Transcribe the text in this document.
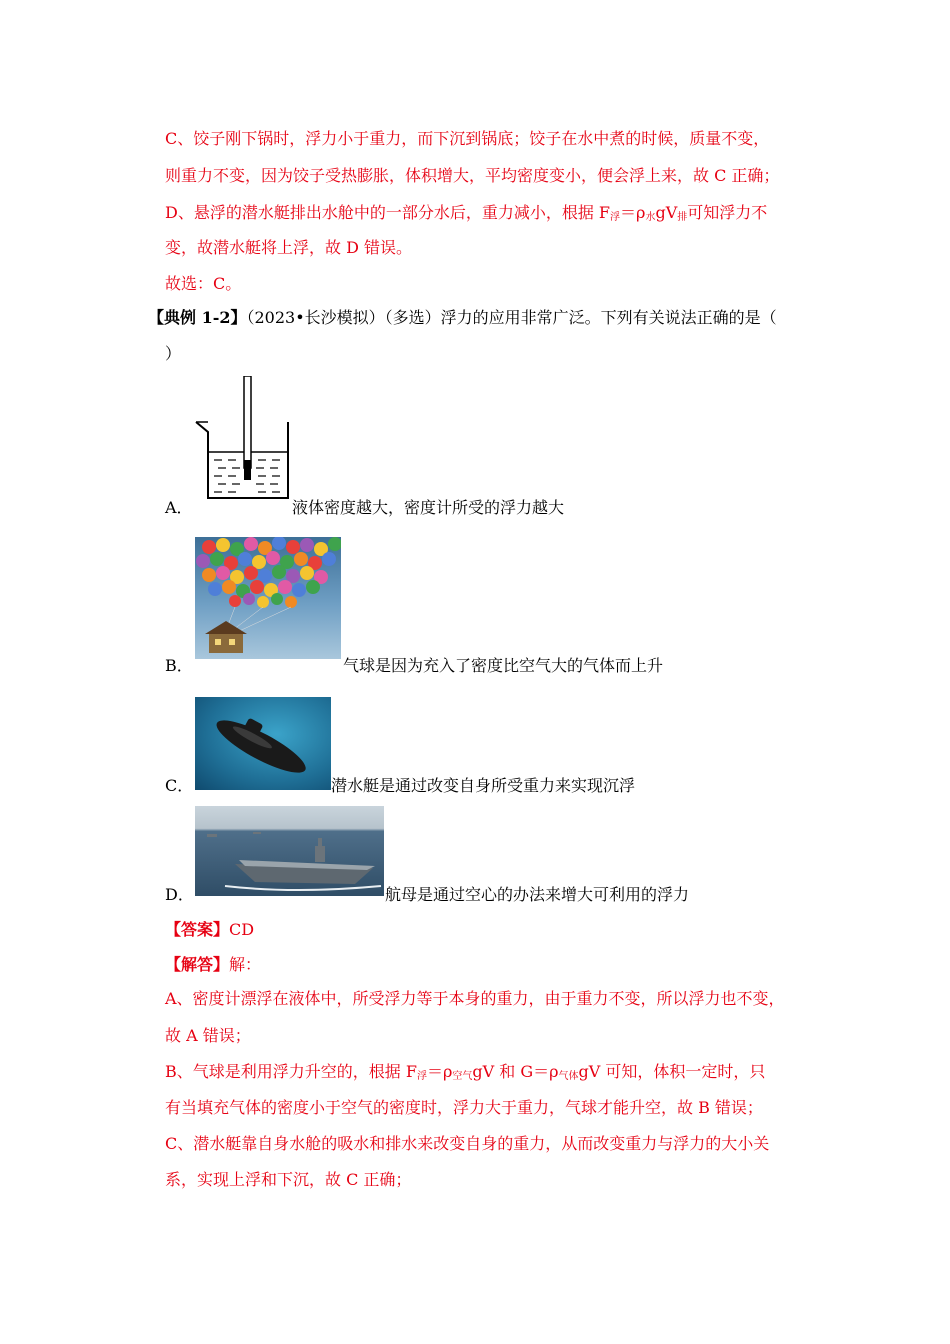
C、饺子刚下锅时，浮力小于重力，而下沉到锅底；饺子在水中煮的时候，质量不变，
则重力不变，因为饺子受热膨胀，体积增大，平均密度变小，便会浮上来，故 C 正确；
D、悬浮的潜水艇排出水舱中的一部分水后，重力减小，根据 $F_浮=\rho_水gV_排$可知浮力不
变，故潜水艇将上浮，故 D 错误。
故选：C。
【典例 1-2】（2023•长沙模拟）（多选）浮力的应用非常广泛。下列有关说法正确的是（
）
A．	液体密度越大，密度计所受的浮力越大
B．	气球是因为充入了密度比空气大的气体而上升
C．	潜水艇是通过改变自身所受重力来实现沉浮
D．	航母是通过空心的办法来增大可利用的浮力
【答案】CD
【解答】解：
A、密度计漂浮在液体中，所受浮力等于本身的重力，由于重力不变，所以浮力也不变，
故 A 错误；
B、气球是利用浮力升空的，根据 $F_浮=\rho_{空气}gV$ 和 $G=\rho_{气体}gV$ 可知，体积一定时，只
有当填充气体的密度小于空气的密度时，浮力大于重力，气球才能升空，故 B 错误；
C、潜水艇靠自身水舱的吸水和排水来改变自身的重力，从而改变重力与浮力的大小关
系，实现上浮和下沉，故 C 正确；
